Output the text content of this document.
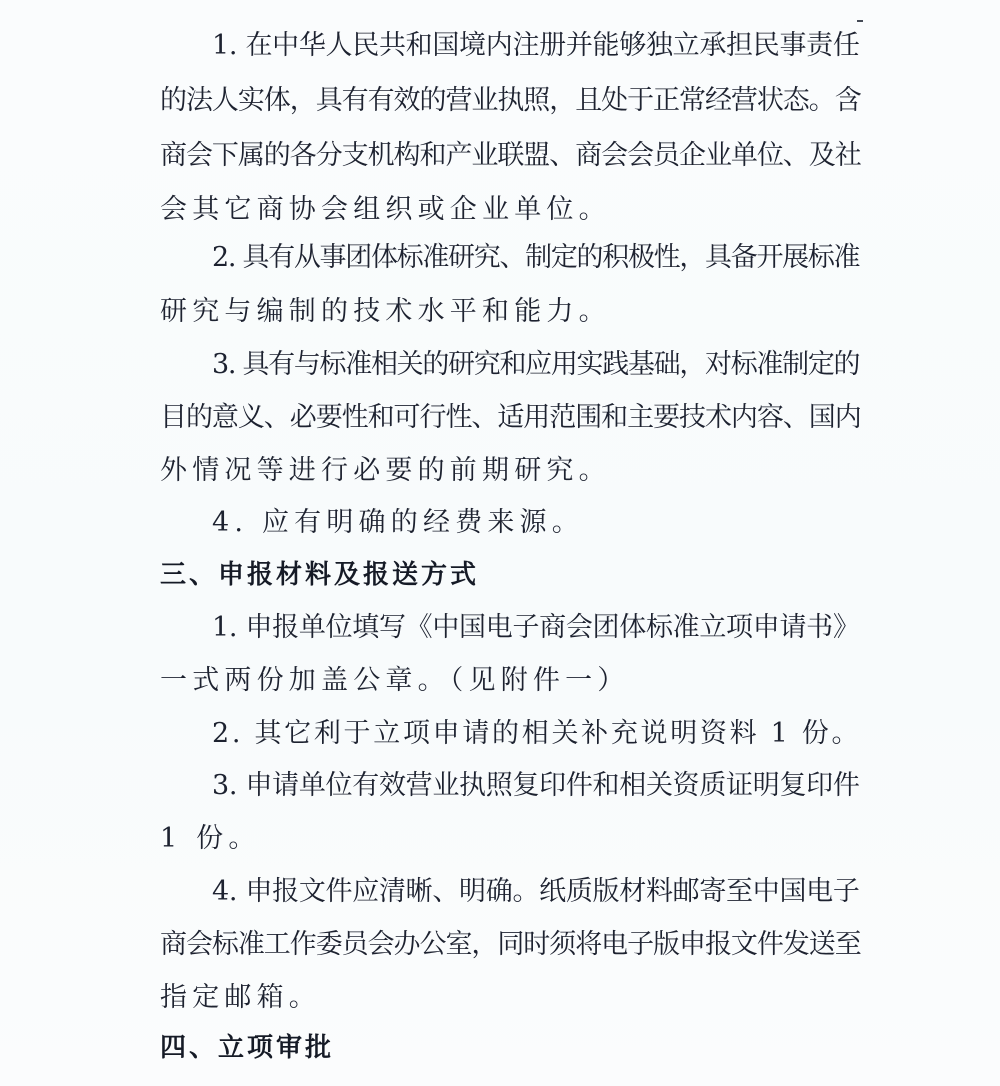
1. 在中华人民共和国境内注册并能够独立承担民事责任
的法人实体，具有有效的营业执照，且处于正常经营状态。含
商会下属的各分支机构和产业联盟、商会会员企业单位、及社
会其它商协会组织或企业单位。
2. 具有从事团体标准研究、制定的积极性，具备开展标准
研究与编制的技术水平和能力。
3. 具有与标准相关的研究和应用实践基础，对标准制定的
目的意义、必要性和可行性、适用范围和主要技术内容、国内
外情况等进行必要的前期研究。
4. 应有明确的经费来源。
三、申报材料及报送方式
1. 申报单位填写《中国电子商会团体标准立项申请书》
一式两份加盖公章。（见附件一）
2. 其它利于立项申请的相关补充说明资料 1 份。
3. 申请单位有效营业执照复印件和相关资质证明复印件
1 份。
4. 申报文件应清晰、明确。纸质版材料邮寄至中国电子
商会标准工作委员会办公室，同时须将电子版申报文件发送至
指定邮箱。
四、立项审批
